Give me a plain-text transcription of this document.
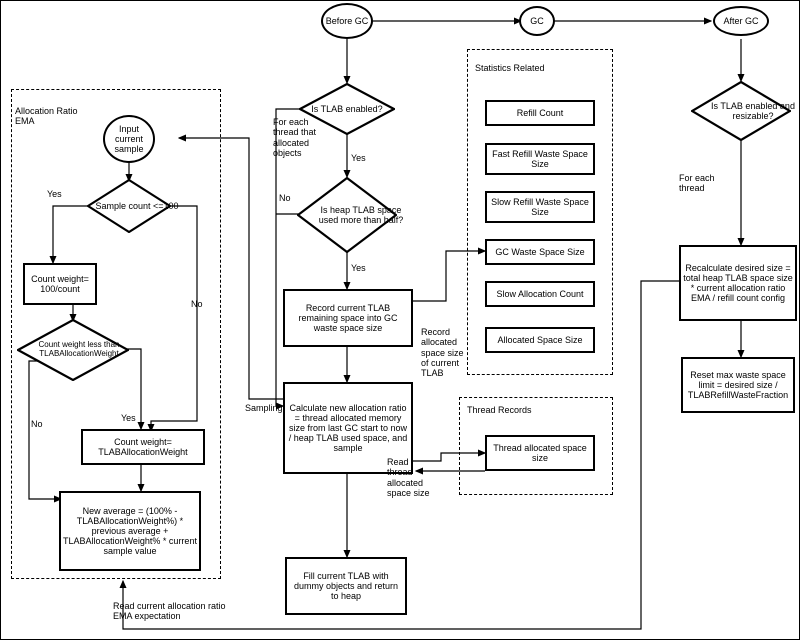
Allocation Ratio EMA
Statistics Related
Thread Records
Before GC	GC	After GC
Is TLAB enabled?
Is heap TLAB space used more than half?
Record current TLAB remaining space into GC waste space size
Calculate new allocation ratio = thread allocated memory size from last GC start to now / heap TLAB used space, and sample
Fill current TLAB with dummy objects and return to heap
Input current sample
Sample count <=100
Count weight= 100/count
Count weight less than TLABAllocationWeight
Count weight= TLABAllocationWeight
New average = (100% - TLABAllocationWeight%) * previous average + TLABAllocationWeight% * current sample value
Refill Count
Fast Refill Waste Space Size
Slow Refill Waste Space Size
GC Waste Space Size
Slow Allocation Count
Allocated Space Size
Thread allocated space size
Is TLAB enabled and resizable?
Recalculate desired size = total heap TLAB space size * current allocation ratio EMA / refill count config
Reset max waste space limit = desired size / TLABRefillWasteFraction
Yes
No
Yes
No
For each thread that allocated objects	Yes
No
Yes
Sampling
Record allocated space size of current TLAB
Read thread allocated space size
For each thread
Read current allocation ratio EMA expectation
